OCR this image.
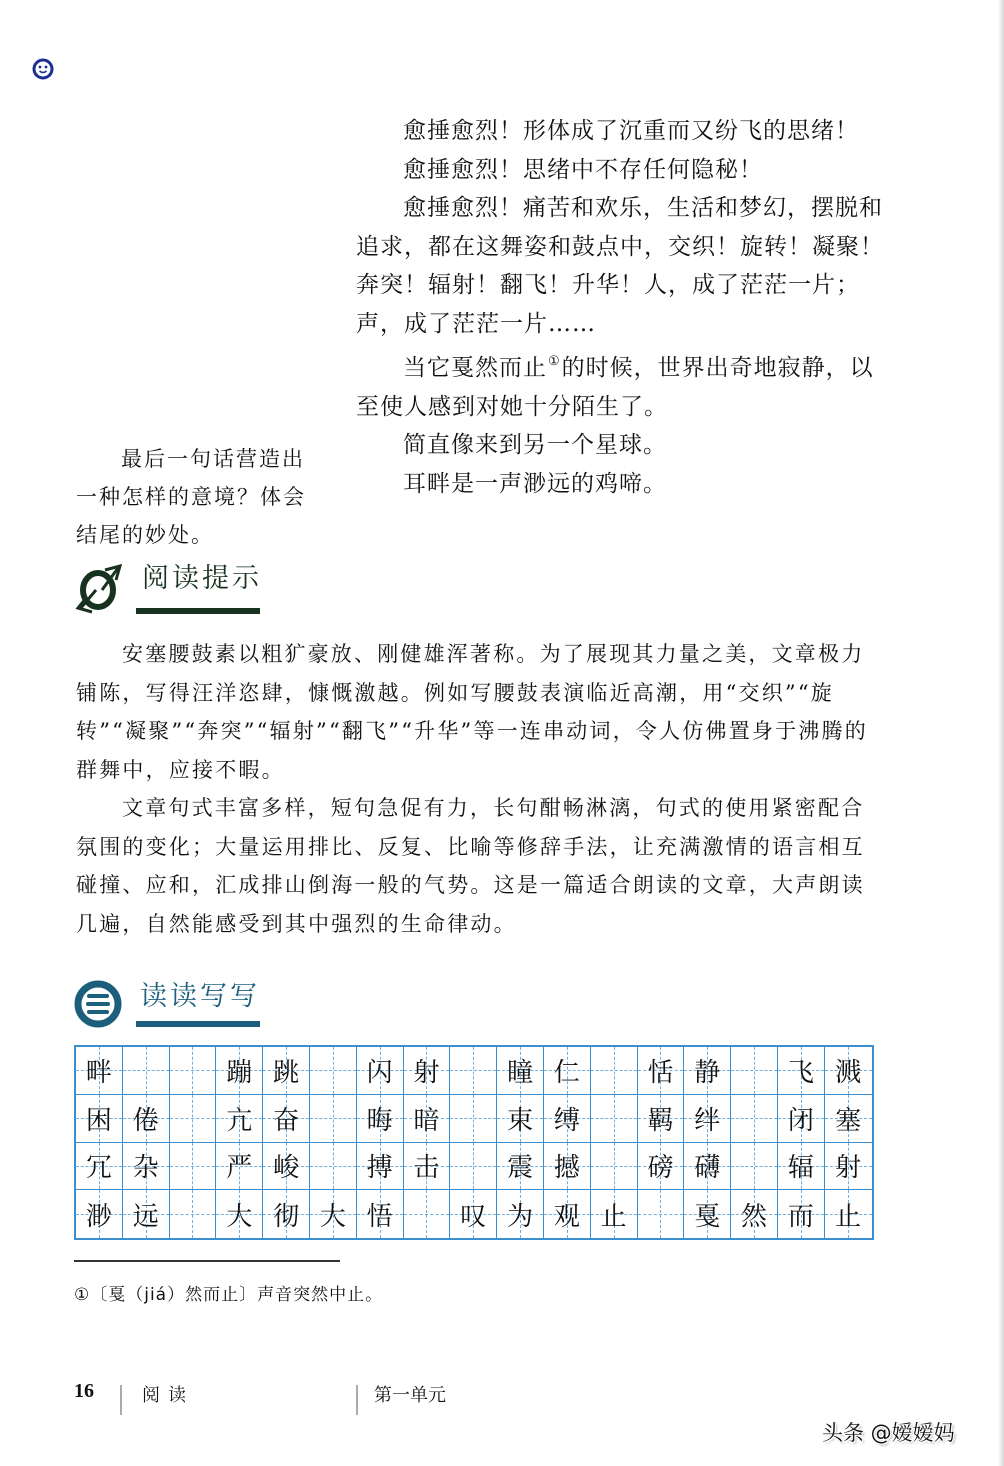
愈捶愈烈！形体成了沉重而又纷飞的思绪！

愈捶愈烈！思绪中不存任何隐秘！

愈捶愈烈！痛苦和欢乐，生活和梦幻，摆脱和

追求，都在这舞姿和鼓点中，交织！旋转！凝聚！

奔突！辐射！翻飞！升华！人，成了茫茫一片；

声，成了茫茫一片……

当它戛然而止①的时候，世界出奇地寂静，以

至使人感到对她十分陌生了。

简直像来到另一个星球。

耳畔是一声渺远的鸡啼。

最后一句话营造出

一种怎样的意境？体会

结尾的妙处。

阅读提示

安塞腰鼓素以粗犷豪放、刚健雄浑著称。为了展现其力量之美，文章极力铺陈，写得汪洋恣肆，慷慨激越。例如写腰鼓表演临近高潮，用“交织”“旋转”“凝聚”“奔突”“辐射”“翻飞”“升华”等一连串动词，令人仿佛置身于沸腾的群舞中，应接不暇。

文章句式丰富多样，短句急促有力，长句酣畅淋漓，句式的使用紧密配合氛围的变化；大量运用排比、反复、比喻等修辞手法，让充满激情的语言相互碰撞、应和，汇成排山倒海一般的气势。这是一篇适合朗读的文章，大声朗读几遍，自然能感受到其中强烈的生命律动。

读读写写
畔	蹦 跳	闪 射	瞳 仁	恬 静	飞 溅
困 倦	亢 奋	晦 暗	束 缚	羁 绊	闭 塞
冗 杂	严 峻	搏 击	震 撼	磅 礴	辐 射
渺 远	大 彻 大 悟	叹 为 观 止	戛 然 而 止
①〔戛（jiá）然而止〕声音突然中止。
16	阅读	第一单元
头条 @嫒嫒妈
